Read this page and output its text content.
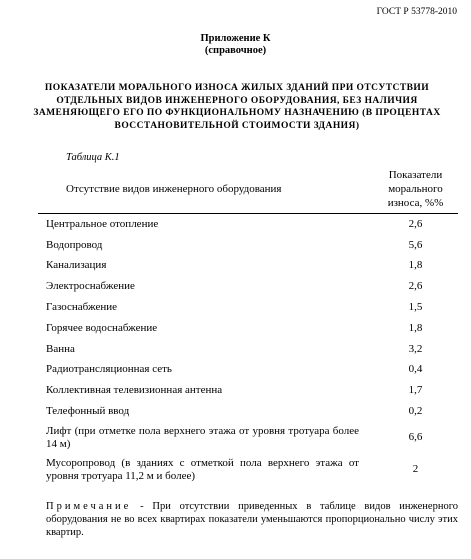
ГОСТ Р 53778-2010
Приложение К
(справочное)
ПОКАЗАТЕЛИ МОРАЛЬНОГО ИЗНОСА ЖИЛЫХ ЗДАНИЙ ПРИ ОТСУТСТВИИ ОТДЕЛЬНЫХ ВИДОВ ИНЖЕНЕРНОГО ОБОРУДОВАНИЯ, БЕЗ НАЛИЧИЯ ЗАМЕНЯЮЩЕГО ЕГО ПО ФУНКЦИОНАЛЬНОМУ НАЗНАЧЕНИЮ (В ПРОЦЕНТАХ ВОССТАНОВИТЕЛЬНОЙ СТОИМОСТИ ЗДАНИЯ)
Таблица К.1
Отсутствие видов инженерного оборудования	Показатели морального износа, %%
Центральное отопление	2,6
Водопровод	5,6
Канализация	1,8
Электроснабжение	2,6
Газоснабжение	1,5
Горячее водоснабжение	1,8
Ванна	3,2
Радиотрансляционная сеть	0,4
Коллективная телевизионная антенна	1,7
Телефонный ввод	0,2
Лифт (при отметке пола верхнего этажа от уровня тротуара более 14 м)	6,6
Мусоропровод (в зданиях с отметкой пола верхнего этажа от уровня тротуара 11,2 м и более)	2
Примечание - При отсутствии приведенных в таблице видов инженерного оборудования не во всех квартирах показатели уменьшаются пропорционально числу этих квартир.
